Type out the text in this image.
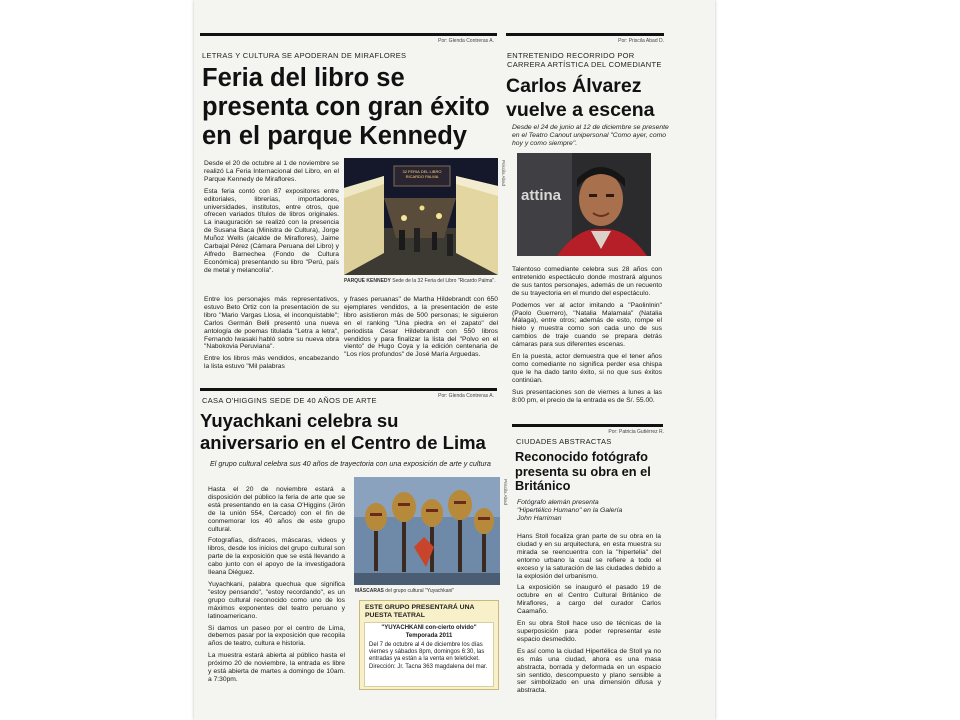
Por: Glenda Contreras A.
LETRAS Y CULTURA SE APODERAN DE MIRAFLORES
Feria del libro se
presenta con gran éxito
en el parque Kennedy

Desde el 20 de octubre al 1 de noviembre se realizó La Feria Internacional del Libro, en el Parque Kennedy de Miraflores.

Esta feria contó con 87 expositores entre editoriales, librerías, importadores, universidades, institutos, entre otros, que ofrecen variados títulos de libros originales. La inauguración se realizó con la presencia de Susana Baca (Ministra de Cultura), Jorge Muñoz Wells (alcalde de Miraflores), Jaime Carbajal Pérez (Cámara Peruana del Libro) y Alfredo Barnechea (Fondo de Cultura Económica) presentando su libro "Perú, país de metal y melancolía".

32 FERIA DEL LIBRO RICARDO PALMA	Priscila Abad
PARQUE KENNEDY Sede de la 32 Feria del Libro "Ricardo Palma".

Entre los personajes más representativos, estuvo Beto Ortiz con la presentación de su libro "Mario Vargas Llosa, el inconquistable"; Carlos Germán Belli presentó una nueva antología de poemas titulada "Letra a letra", Fernando Iwasaki habló sobre su nueva obra "Nabokovia Peruviana".

Entre los libros más vendidos, encabezando la lista estuvo "Mil palabras

y frases peruanas" de Martha Hildebrandt con 650 ejemplares vendidos, a la presentación de este libro asistieron más de 500 personas; le siguieron en el ranking "Una piedra en el zapato" del periodista Cesar Hildebrandt con 550 libros vendidos y para finalizar la lista del "Polvo en el viento" de Hugo Coya y la edición centenaria de "Los ríos profundos" de José María Arguedas.

Por: Priscila Abad D.
ENTRETENIDO RECORRIDO POR
CARRERA ARTÍSTICA DEL COMEDIANTE
Carlos Álvarez
vuelve a escena
Desde el 24 de junio al 12 de diciembre se presente en el Teatro Canout unipersonal "Como ayer, como hoy y como siempre".
attina

Talentoso comediante celebra sus 28 años con entretenido espectáculo donde mostrará algunos de sus tantos personajes, además de un recuento de su trayectoria en el mundo del espectáculo.

Podemos ver al actor imitando a "Paolinlnin" (Paolo Guerrero), "Natalia Malamala" (Natalia Málaga), entre otros; además de esto, rompe el hielo y muestra como son cada uno de sus cambios de traje cuando se prepara detrás cámaras para sus diferentes escenas.

En la puesta, actor demuestra que el tener años como comediante no significa perder esa chispa que le ha dado tanto éxito, si no que sus éxitos continúan.

Sus presentaciones son de viernes a lunes a las 8:00 pm, el precio de la entrada es de S/. 55.00.

Por: Glenda Contreras A.
CASA O'HIGGINS SEDE DE 40 AÑOS DE ARTE
Yuyachkani celebra su
aniversario en el Centro de Lima
El grupo cultural celebra sus 40 años de trayectoria con una exposición de arte y cultura

Hasta el 20 de noviembre estará a disposición del público la feria de arte que se está presentando en la casa O'Higgins (Jirón de la unión 554, Cercado) con el fin de conmemorar los 40 años de este grupo cultural.

Fotografías, disfraces, máscaras, videos y libros, desde los inicios del grupo cultural son parte de la exposición que se está llevando a cabo junto con el apoyo de la investigadora Ileana Diéguez.

Yuyachkani, palabra quechua que significa "estoy pensando", "estoy recordando", es un grupo cultural reconocido como uno de los máximos exponentes del teatro peruano y latinoamericano.

Si damos un paseo por el centro de Lima, debemos pasar por la exposición que recopila años de teatro, cultura e historia.

La muestra estará abierta al público hasta el próximo 20 de noviembre, la entrada es libre y está abierta de martes a domingo de 10am. a 7:30pm.

Priscila Abad
MÁSCARAS del grupo cultural "Yuyachkani"
ESTE GRUPO PRESENTARÁ UNA
PUESTA TEATRAL
"YUYACHKANI con-cierto olvido"
Temporada 2011
Del 7 de octubre al 4 de diciembre los días viernes y sábados 8pm, domingos 6:30, las entradas ya están a la venta en teleticket.
Dirección: Jr. Tacna 363 magdalena del mar.
Por: Patricia Gutiérrez R.
CIUDADES ABSTRACTAS
Reconocido fotógrafo
presenta su obra en el
Británico
Fotógrafo alemán presenta
"Hipertélico Humano" en la Galería
John Harriman

Hans Stoll focaliza gran parte de su obra en la ciudad y en su arquitectura, en esta muestra su mirada se reencuentra con la "hipertelia" del entorno urbano la cual se refiere a todo el exceso y la saturación de las ciudades debido a la explosión del urbanismo.

La exposición se inauguró el pasado 19 de octubre en el Centro Cultural Británico de Miraflores, a cargo del curador Carlos Caamaño.

En su obra Stoll hace uso de técnicas de la superposición para poder representar este espacio desmedido.

Es así como la ciudad Hipertélica de Stoll ya no es más una ciudad, ahora es una masa abstracta, borrada y deformada en un espacio sin sentido, descompuesto y plano sensible a ser simbolizado en una dimensión difusa y abstracta.
